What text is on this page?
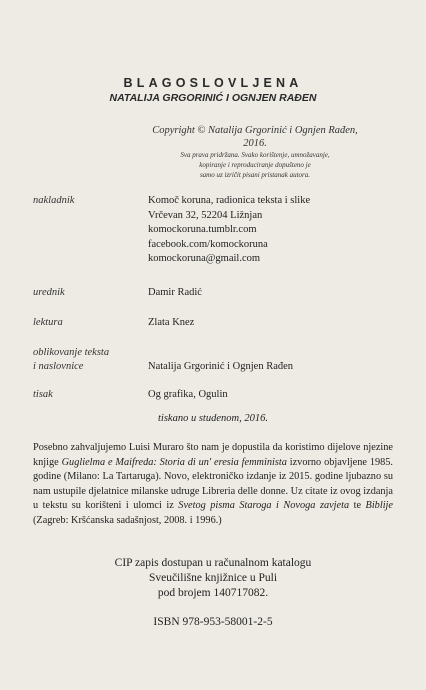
BLAGOSLOVLJENA
NATALIJA GRGORINIĆ I OGNJEN RAĐEN
Copyright © Natalija Grgorinić i Ognjen Rađen, 2016.
Sva prava pridržana. Svako korištenje, umnožavanje,
kopiranje i reproduciranje dopušteno je
samo uz izričit pisani pristanak autora.
nakladnik	Komoč koruna, radionica teksta i slike
Vrčevan 32, 52204 Ližnjan
komockoruna.tumblr.com
facebook.com/komockoruna
komockoruna@gmail.com
urednik	Damir Radić
lektura	Zlata Knez
oblikovanje teksta
i naslovnice	Natalija Grgorinić i Ognjen Rađen
tisak	Og grafika, Ogulin
tiskano u studenom, 2016.
Posebno zahvaljujemo Luisi Muraro što nam je dopustila da koristimo dijelove njezine knjige Guglielma e Maifreda: Storia di un' eresia femminista izvorno objavljene 1985. godine (Milano: La Tartaruga). Novo, elektroničko izdanje iz 2015. godine ljubazno su nam ustupile djelatnice milanske udruge Libreria delle donne. Uz citate iz ovog izdanja u tekstu su korišteni i ulomci iz Svetog pisma Staroga i Novoga zavjeta te Biblije (Zagreb: Kršćanska sadašnjost, 2008. i 1996.)
CIP zapis dostupan u računalnom katalogu
Sveučilišne knjižnice u Puli
pod brojem 140717082.
ISBN 978-953-58001-2-5
